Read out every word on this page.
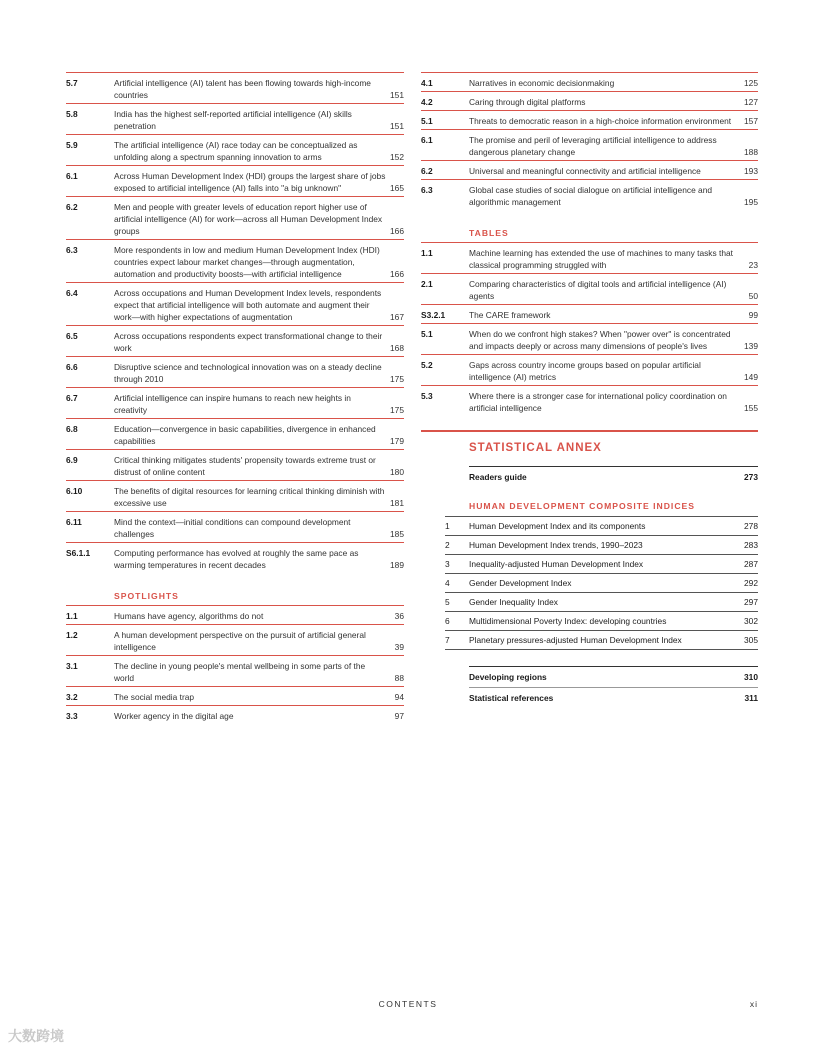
5.7	Artificial intelligence (AI) talent has been flowing towards high-income countries	151
5.8	India has the highest self-reported artificial intelligence (AI) skills penetration	151
5.9	The artificial intelligence (AI) race today can be conceptualized as unfolding along a spectrum spanning innovation to arms	152
6.1	Across Human Development Index (HDI) groups the largest share of jobs exposed to artificial intelligence (AI) falls into "a big unknown"	165
6.2	Men and people with greater levels of education report higher use of artificial intelligence (AI) for work—across all Human Development Index groups	166
6.3	More respondents in low and medium Human Development Index (HDI) countries expect labour market changes—through augmentation, automation and productivity boosts—with artificial intelligence	166
6.4	Across occupations and Human Development Index levels, respondents expect that artificial intelligence will both automate and augment their work—with higher expectations of augmentation	167
6.5	Across occupations respondents expect transformational change to their work	168
6.6	Disruptive science and technological innovation was on a steady decline through 2010	175
6.7	Artificial intelligence can inspire humans to reach new heights in creativity	175
6.8	Education—convergence in basic capabilities, divergence in enhanced capabilities	179
6.9	Critical thinking mitigates students' propensity towards extreme trust or distrust of online content	180
6.10	The benefits of digital resources for learning critical thinking diminish with excessive use	181
6.11	Mind the context—initial conditions can compound development challenges	185
S6.1.1	Computing performance has evolved at roughly the same pace as warming temperatures in recent decades	189
SPOTLIGHTS
1.1	Humans have agency, algorithms do not	36
1.2	A human development perspective on the pursuit of artificial general intelligence	39
3.1	The decline in young people's mental wellbeing in some parts of the world	88
3.2	The social media trap	94
3.3	Worker agency in the digital age	97
4.1	Narratives in economic decisionmaking	125
4.2	Caring through digital platforms	127
5.1	Threats to democratic reason in a high-choice information environment	157
6.1	The promise and peril of leveraging artificial intelligence to address dangerous planetary change	188
6.2	Universal and meaningful connectivity and artificial intelligence	193
6.3	Global case studies of social dialogue on artificial intelligence and algorithmic management	195
TABLES
1.1	Machine learning has extended the use of machines to many tasks that classical programming struggled with	23
2.1	Comparing characteristics of digital tools and artificial intelligence (AI) agents	50
S3.2.1	The CARE framework	99
5.1	When do we confront high stakes? When "power over" is concentrated and impacts deeply or across many dimensions of people's lives	139
5.2	Gaps across country income groups based on popular artificial intelligence (AI) metrics	149
5.3	Where there is a stronger case for international policy coordination on artificial intelligence	155
STATISTICAL ANNEX
Readers guide	273
HUMAN DEVELOPMENT COMPOSITE INDICES
1	Human Development Index and its components	278
2	Human Development Index trends, 1990–2023	283
3	Inequality-adjusted Human Development Index	287
4	Gender Development Index	292
5	Gender Inequality Index	297
6	Multidimensional Poverty Index: developing countries	302
7	Planetary pressures-adjusted Human Development Index	305
Developing regions	310
Statistical references	311
CONTENTS	xi
大数跨境
